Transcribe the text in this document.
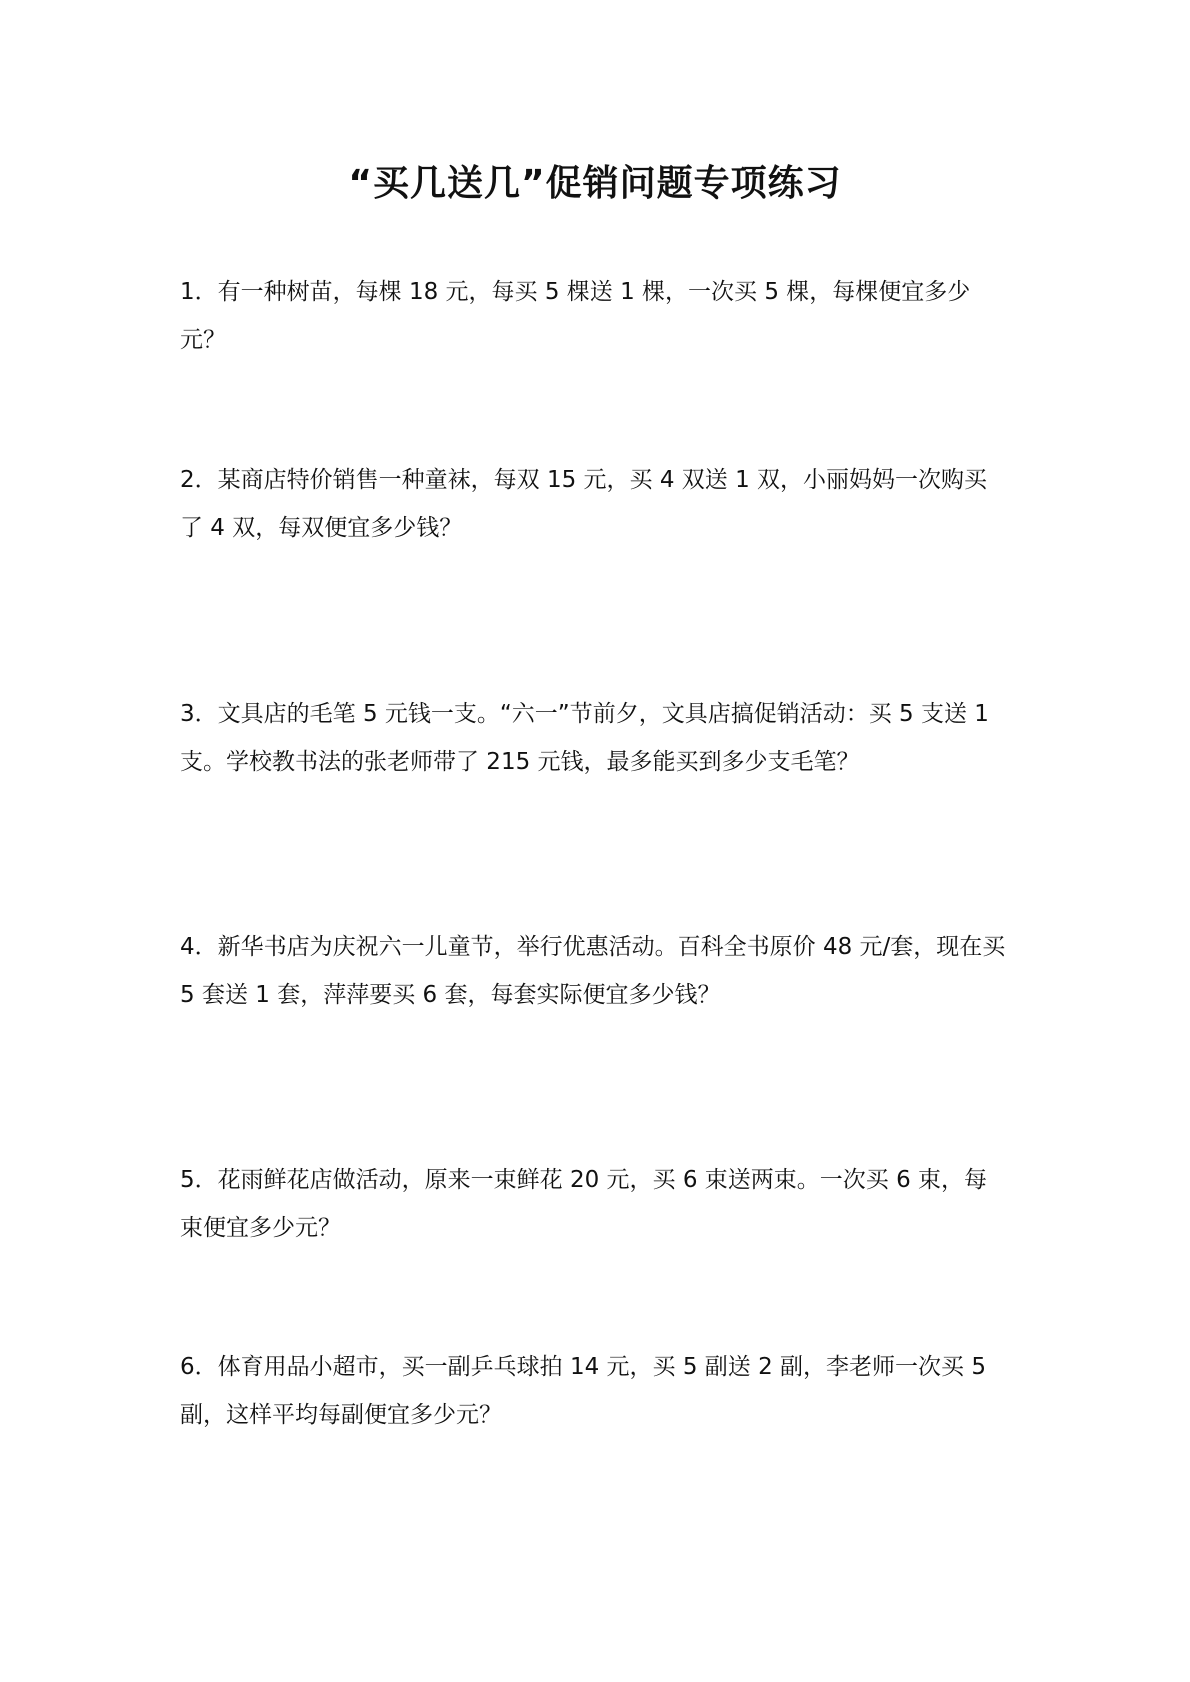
“买几送几”促销问题专项练习

1．有一种树苗，每棵 18 元，每买 5 棵送 1 棵，一次买 5 棵，每棵便宜多少元？

2．某商店特价销售一种童袜，每双 15 元，买 4 双送 1 双，小丽妈妈一次购买了 4 双，每双便宜多少钱？

3．文具店的毛笔 5 元钱一支。“六一”节前夕，文具店搞促销活动：买 5 支送 1 支。学校教书法的张老师带了 215 元钱，最多能买到多少支毛笔？

4．新华书店为庆祝六一儿童节，举行优惠活动。百科全书原价 48 元/套，现在买 5 套送 1 套，萍萍要买 6 套，每套实际便宜多少钱？

5．花雨鲜花店做活动，原来一束鲜花 20 元，买 6 束送两束。一次买 6 束，每束便宜多少元？

6．体育用品小超市，买一副乒乓球拍 14 元，买 5 副送 2 副，李老师一次买 5 副，这样平均每副便宜多少元？
